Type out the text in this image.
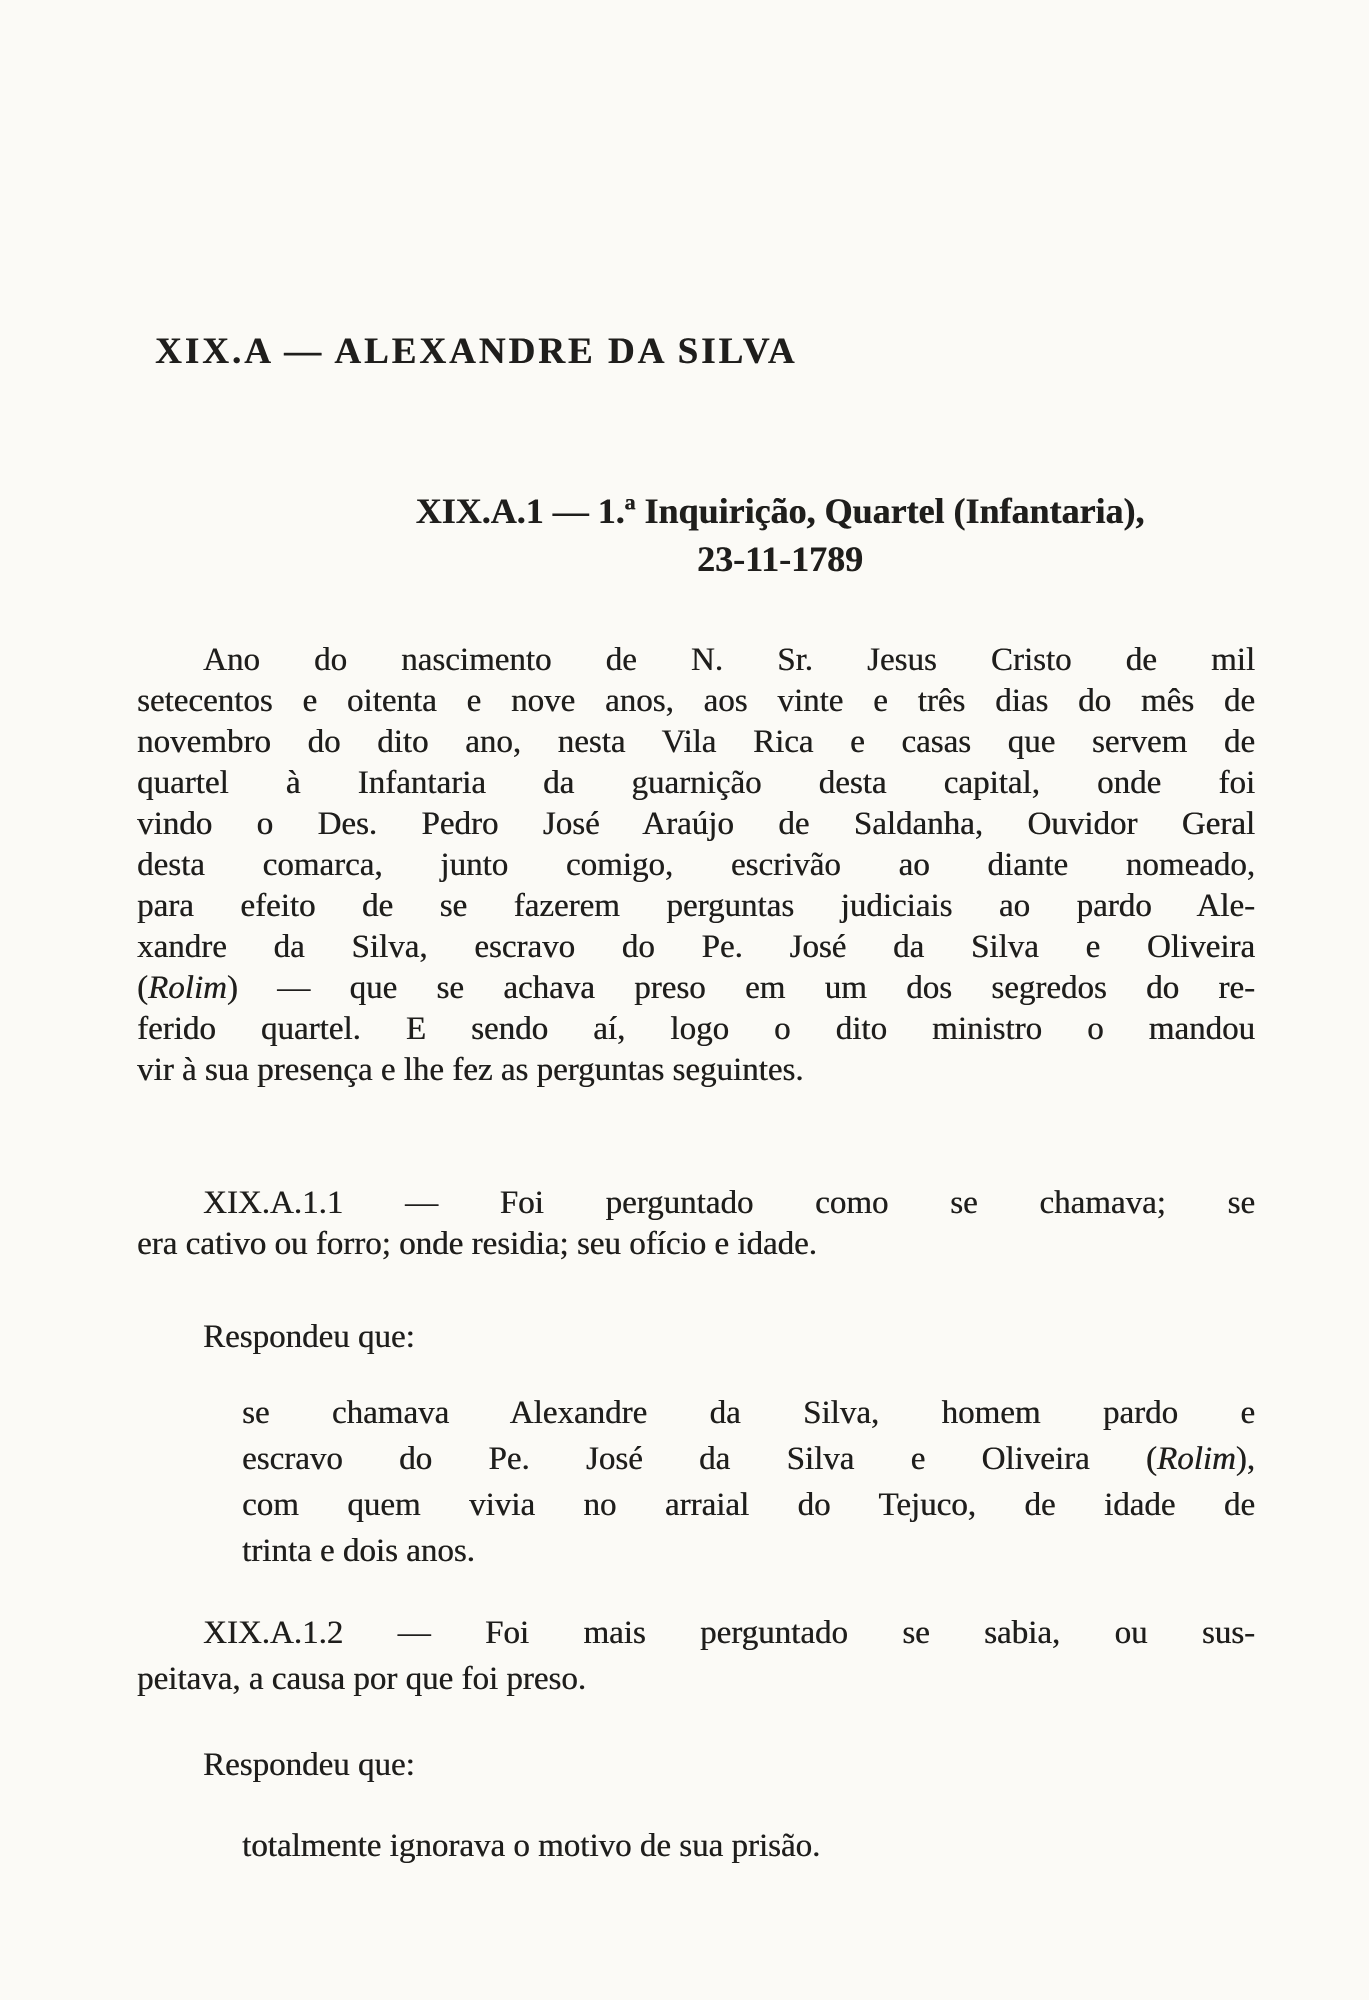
XIX.A — ALEXANDRE DA SILVA
XIX.A.1 — 1.ª Inquirição, Quartel (Infantaria),
23-11-1789
Ano do nascimento de N. Sr. Jesus Cristo de mil
setecentos e oitenta e nove anos, aos vinte e três dias do mês de
novembro do dito ano, nesta Vila Rica e casas que servem de
quartel à Infantaria da guarnição desta capital, onde foi
vindo o Des. Pedro José Araújo de Saldanha, Ouvidor Geral
desta comarca, junto comigo, escrivão ao diante nomeado,
para efeito de se fazerem perguntas judiciais ao pardo Ale-
xandre da Silva, escravo do Pe. José da Silva e Oliveira
(Rolim) — que se achava preso em um dos segredos do re-
ferido quartel. E sendo aí, logo o dito ministro o mandou
vir à sua presença e lhe fez as perguntas seguintes.
XIX.A.1.1 — Foi perguntado como se chamava; se
era cativo ou forro; onde residia; seu ofício e idade.
Respondeu que:
se chamava Alexandre da Silva, homem pardo e
escravo do Pe. José da Silva e Oliveira (Rolim),
com quem vivia no arraial do Tejuco, de idade de
trinta e dois anos.
XIX.A.1.2 — Foi mais perguntado se sabia, ou sus-
peitava, a causa por que foi preso.
Respondeu que:
totalmente ignorava o motivo de sua prisão.
